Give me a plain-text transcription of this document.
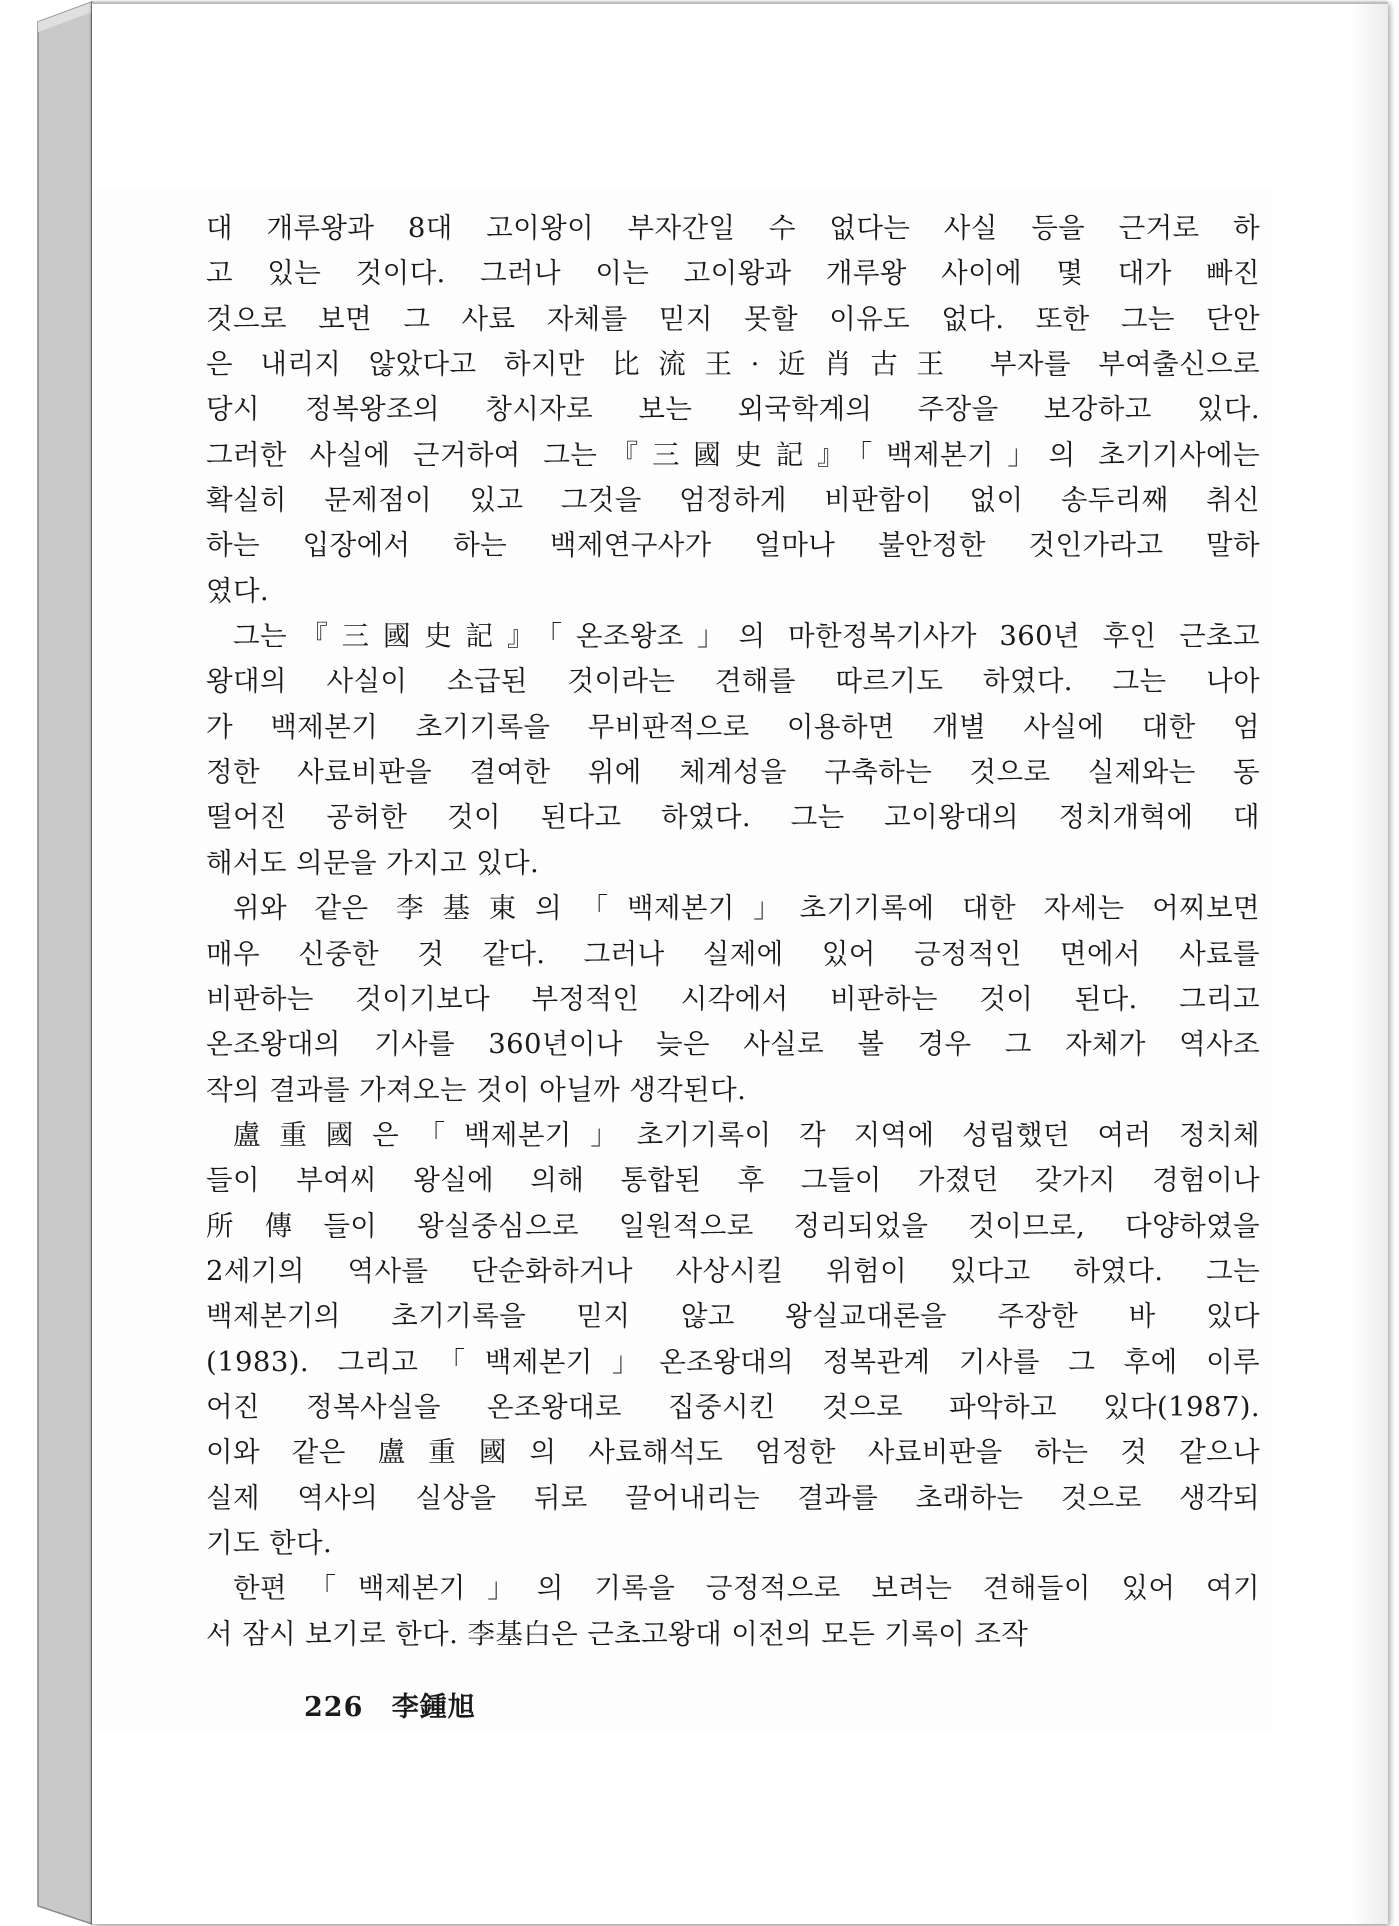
대 개루왕과 8대 고이왕이 부자간일 수 없다는 사실 등을 근거로 하
고 있는 것이다. 그러나 이는 고이왕과 개루왕 사이에 몇 대가 빠진
것으로 보면 그 사료 자체를 믿지 못할 이유도 없다. 또한 그는 단안
은 내리지 않았다고 하지만 比流王·近肖古王 부자를 부여출신으로
당시 정복왕조의 창시자로 보는 외국학계의 주장을 보강하고 있다.
그러한 사실에 근거하여 그는『三國史記』「백제본기」의 초기기사에는
확실히 문제점이 있고 그것을 엄정하게 비판함이 없이 송두리째 취신
하는 입장에서 하는 백제연구사가 얼마나 불안정한 것인가라고 말하
였다.

그는『三國史記』「온조왕조」의 마한정복기사가 360년 후인 근초고
왕대의 사실이 소급된 것이라는 견해를 따르기도 하였다. 그는 나아
가 백제본기 초기기록을 무비판적으로 이용하면 개별 사실에 대한 엄
정한 사료비판을 결여한 위에 체계성을 구축하는 것으로 실제와는 동
떨어진 공허한 것이 된다고 하였다. 그는 고이왕대의 정치개혁에 대
해서도 의문을 가지고 있다.

위와 같은 李基東의「백제본기」초기기록에 대한 자세는 어찌보면
매우 신중한 것 같다. 그러나 실제에 있어 긍정적인 면에서 사료를
비판하는 것이기보다 부정적인 시각에서 비판하는 것이 된다. 그리고
온조왕대의 기사를 360년이나 늦은 사실로 볼 경우 그 자체가 역사조
작의 결과를 가져오는 것이 아닐까 생각된다.

盧重國은「백제본기」초기기록이 각 지역에 성립했던 여러 정치체
들이 부여씨 왕실에 의해 통합된 후 그들이 가졌던 갖가지 경험이나
所傳들이 왕실중심으로 일원적으로 정리되었을 것이므로, 다양하였을
2세기의 역사를 단순화하거나 사상시킬 위험이 있다고 하였다. 그는
백제본기의 초기기록을 믿지 않고 왕실교대론을 주장한 바 있다
(1983). 그리고「백제본기」온조왕대의 정복관계 기사를 그 후에 이루
어진 정복사실을 온조왕대로 집중시킨 것으로 파악하고 있다(1987).
이와 같은 盧重國의 사료해석도 엄정한 사료비판을 하는 것 같으나
실제 역사의 실상을 뒤로 끌어내리는 결과를 초래하는 것으로 생각되
기도 한다.

한편「백제본기」의 기록을 긍정적으로 보려는 견해들이 있어 여기
서 잠시 보기로 한다. 李基白은 근초고왕대 이전의 모든 기록이 조작

226 李鍾旭
